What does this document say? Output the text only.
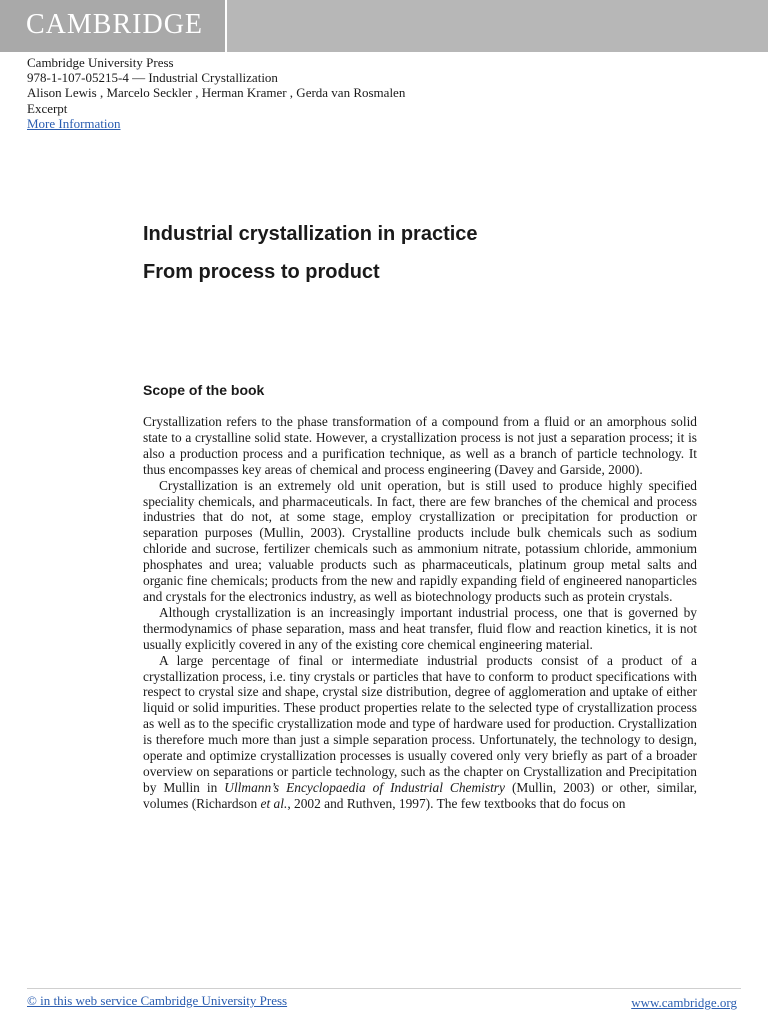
CAMBRIDGE
Cambridge University Press
978-1-107-05215-4 — Industrial Crystallization
Alison Lewis , Marcelo Seckler , Herman Kramer , Gerda van Rosmalen
Excerpt
More Information
Industrial crystallization in practice
From process to product
Scope of the book

Crystallization refers to the phase transformation of a compound from a fluid or an amorphous solid state to a crystalline solid state. However, a crystallization process is not just a separation process; it is also a production process and a purification technique, as well as a branch of particle technology. It thus encompasses key areas of chemical and process engineering (Davey and Garside, 2000).

Crystallization is an extremely old unit operation, but is still used to produce highly specified speciality chemicals, and pharmaceuticals. In fact, there are few branches of the chemical and process industries that do not, at some stage, employ crystallization or precipitation for production or separation purposes (Mullin, 2003). Crystalline products include bulk chemicals such as sodium chloride and sucrose, fertilizer chemicals such as ammonium nitrate, potassium chloride, ammonium phosphates and urea; valuable products such as pharmaceuticals, platinum group metal salts and organic fine chemicals; products from the new and rapidly expanding field of engineered nanoparticles and crystals for the electronics industry, as well as biotechnology products such as protein crystals.

Although crystallization is an increasingly important industrial process, one that is governed by thermodynamics of phase separation, mass and heat transfer, fluid flow and reaction kinetics, it is not usually explicitly covered in any of the existing core chemical engineering material.

A large percentage of final or intermediate industrial products consist of a product of a crystallization process, i.e. tiny crystals or particles that have to conform to product specifications with respect to crystal size and shape, crystal size distribution, degree of agglomeration and uptake of either liquid or solid impurities. These product properties relate to the selected type of crystallization process as well as to the specific crystallization mode and type of hardware used for production. Crystallization is therefore much more than just a simple separation process. Unfortunately, the technology to design, operate and optimize crystallization processes is usually covered only very briefly as part of a broader overview on separations or particle technology, such as the chapter on Crystallization and Precipitation by Mullin in Ullmann’s Encyclopaedia of Industrial Chemistry (Mullin, 2003) or other, similar, volumes (Richardson et al., 2002 and Ruthven, 1997). The few textbooks that do focus on

© in this web service Cambridge University Press	www.cambridge.org
